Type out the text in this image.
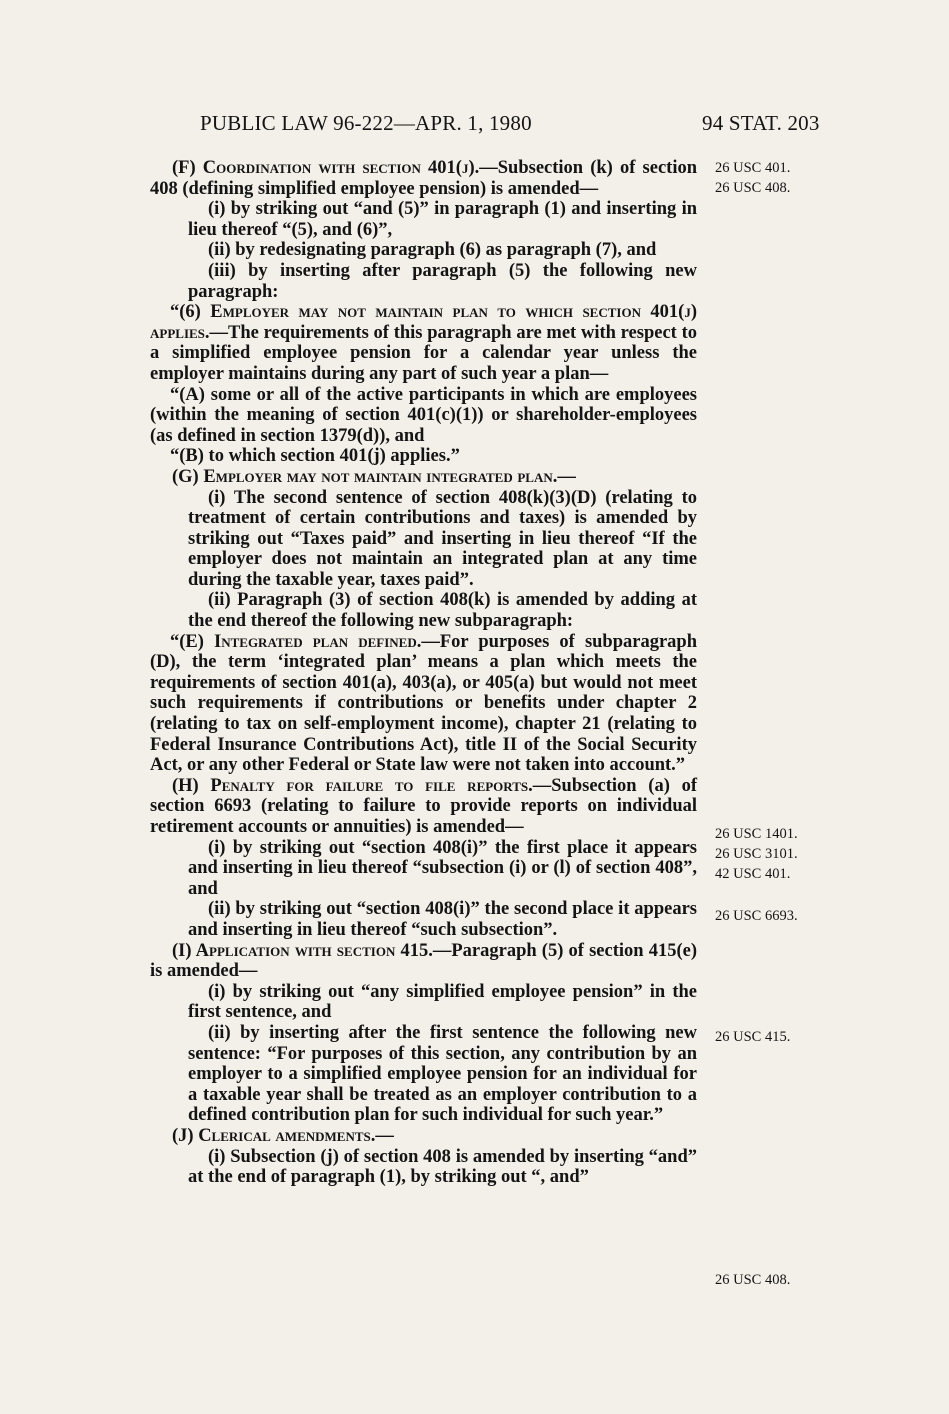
PUBLIC LAW 96-222—APR. 1, 1980	94 STAT. 203

(F) Coordination with section 401(j).—Subsection (k) of section 408 (defining simplified employee pension) is amended—

(i) by striking out “and (5)” in paragraph (1) and inserting in lieu thereof “(5), and (6)”,

(ii) by redesignating paragraph (6) as paragraph (7), and

(iii) by inserting after paragraph (5) the following new paragraph:

“(6) Employer may not maintain plan to which section 401(j) applies.—The requirements of this paragraph are met with respect to a simplified employee pension for a calendar year unless the employer maintains during any part of such year a plan—

“(A) some or all of the active participants in which are employees (within the meaning of section 401(c)(1)) or shareholder-employees (as defined in section 1379(d)), and

“(B) to which section 401(j) applies.”

(G) Employer may not maintain integrated plan.—

(i) The second sentence of section 408(k)(3)(D) (relating to treatment of certain contributions and taxes) is amended by striking out “Taxes paid” and inserting in lieu thereof “If the employer does not maintain an integrated plan at any time during the taxable year, taxes paid”.

(ii) Paragraph (3) of section 408(k) is amended by adding at the end thereof the following new subparagraph:

“(E) Integrated plan defined.—For purposes of subparagraph (D), the term ‘integrated plan’ means a plan which meets the requirements of section 401(a), 403(a), or 405(a) but would not meet such requirements if contributions or benefits under chapter 2 (relating to tax on self-employment income), chapter 21 (relating to Federal Insurance Contributions Act), title II of the Social Security Act, or any other Federal or State law were not taken into account.”

(H) Penalty for failure to file reports.—Subsection (a) of section 6693 (relating to failure to provide reports on individual retirement accounts or annuities) is amended—

(i) by striking out “section 408(i)” the first place it appears and inserting in lieu thereof “subsection (i) or (l) of section 408”, and

(ii) by striking out “section 408(i)” the second place it appears and inserting in lieu thereof “such subsection”.

(I) Application with section 415.—Paragraph (5) of section 415(e) is amended—

(i) by striking out “any simplified employee pension” in the first sentence, and

(ii) by inserting after the first sentence the following new sentence: “For purposes of this section, any contribution by an employer to a simplified employee pension for an individual for a taxable year shall be treated as an employer contribution to a defined contribution plan for such individual for such year.”

(J) Clerical amendments.—

(i) Subsection (j) of section 408 is amended by inserting “and” at the end of paragraph (1), by striking out “, and”

26 USC 401.
26 USC 408.
26 USC 1401.
26 USC 3101.
42 USC 401.
26 USC 6693.
26 USC 415.
26 USC 408.
